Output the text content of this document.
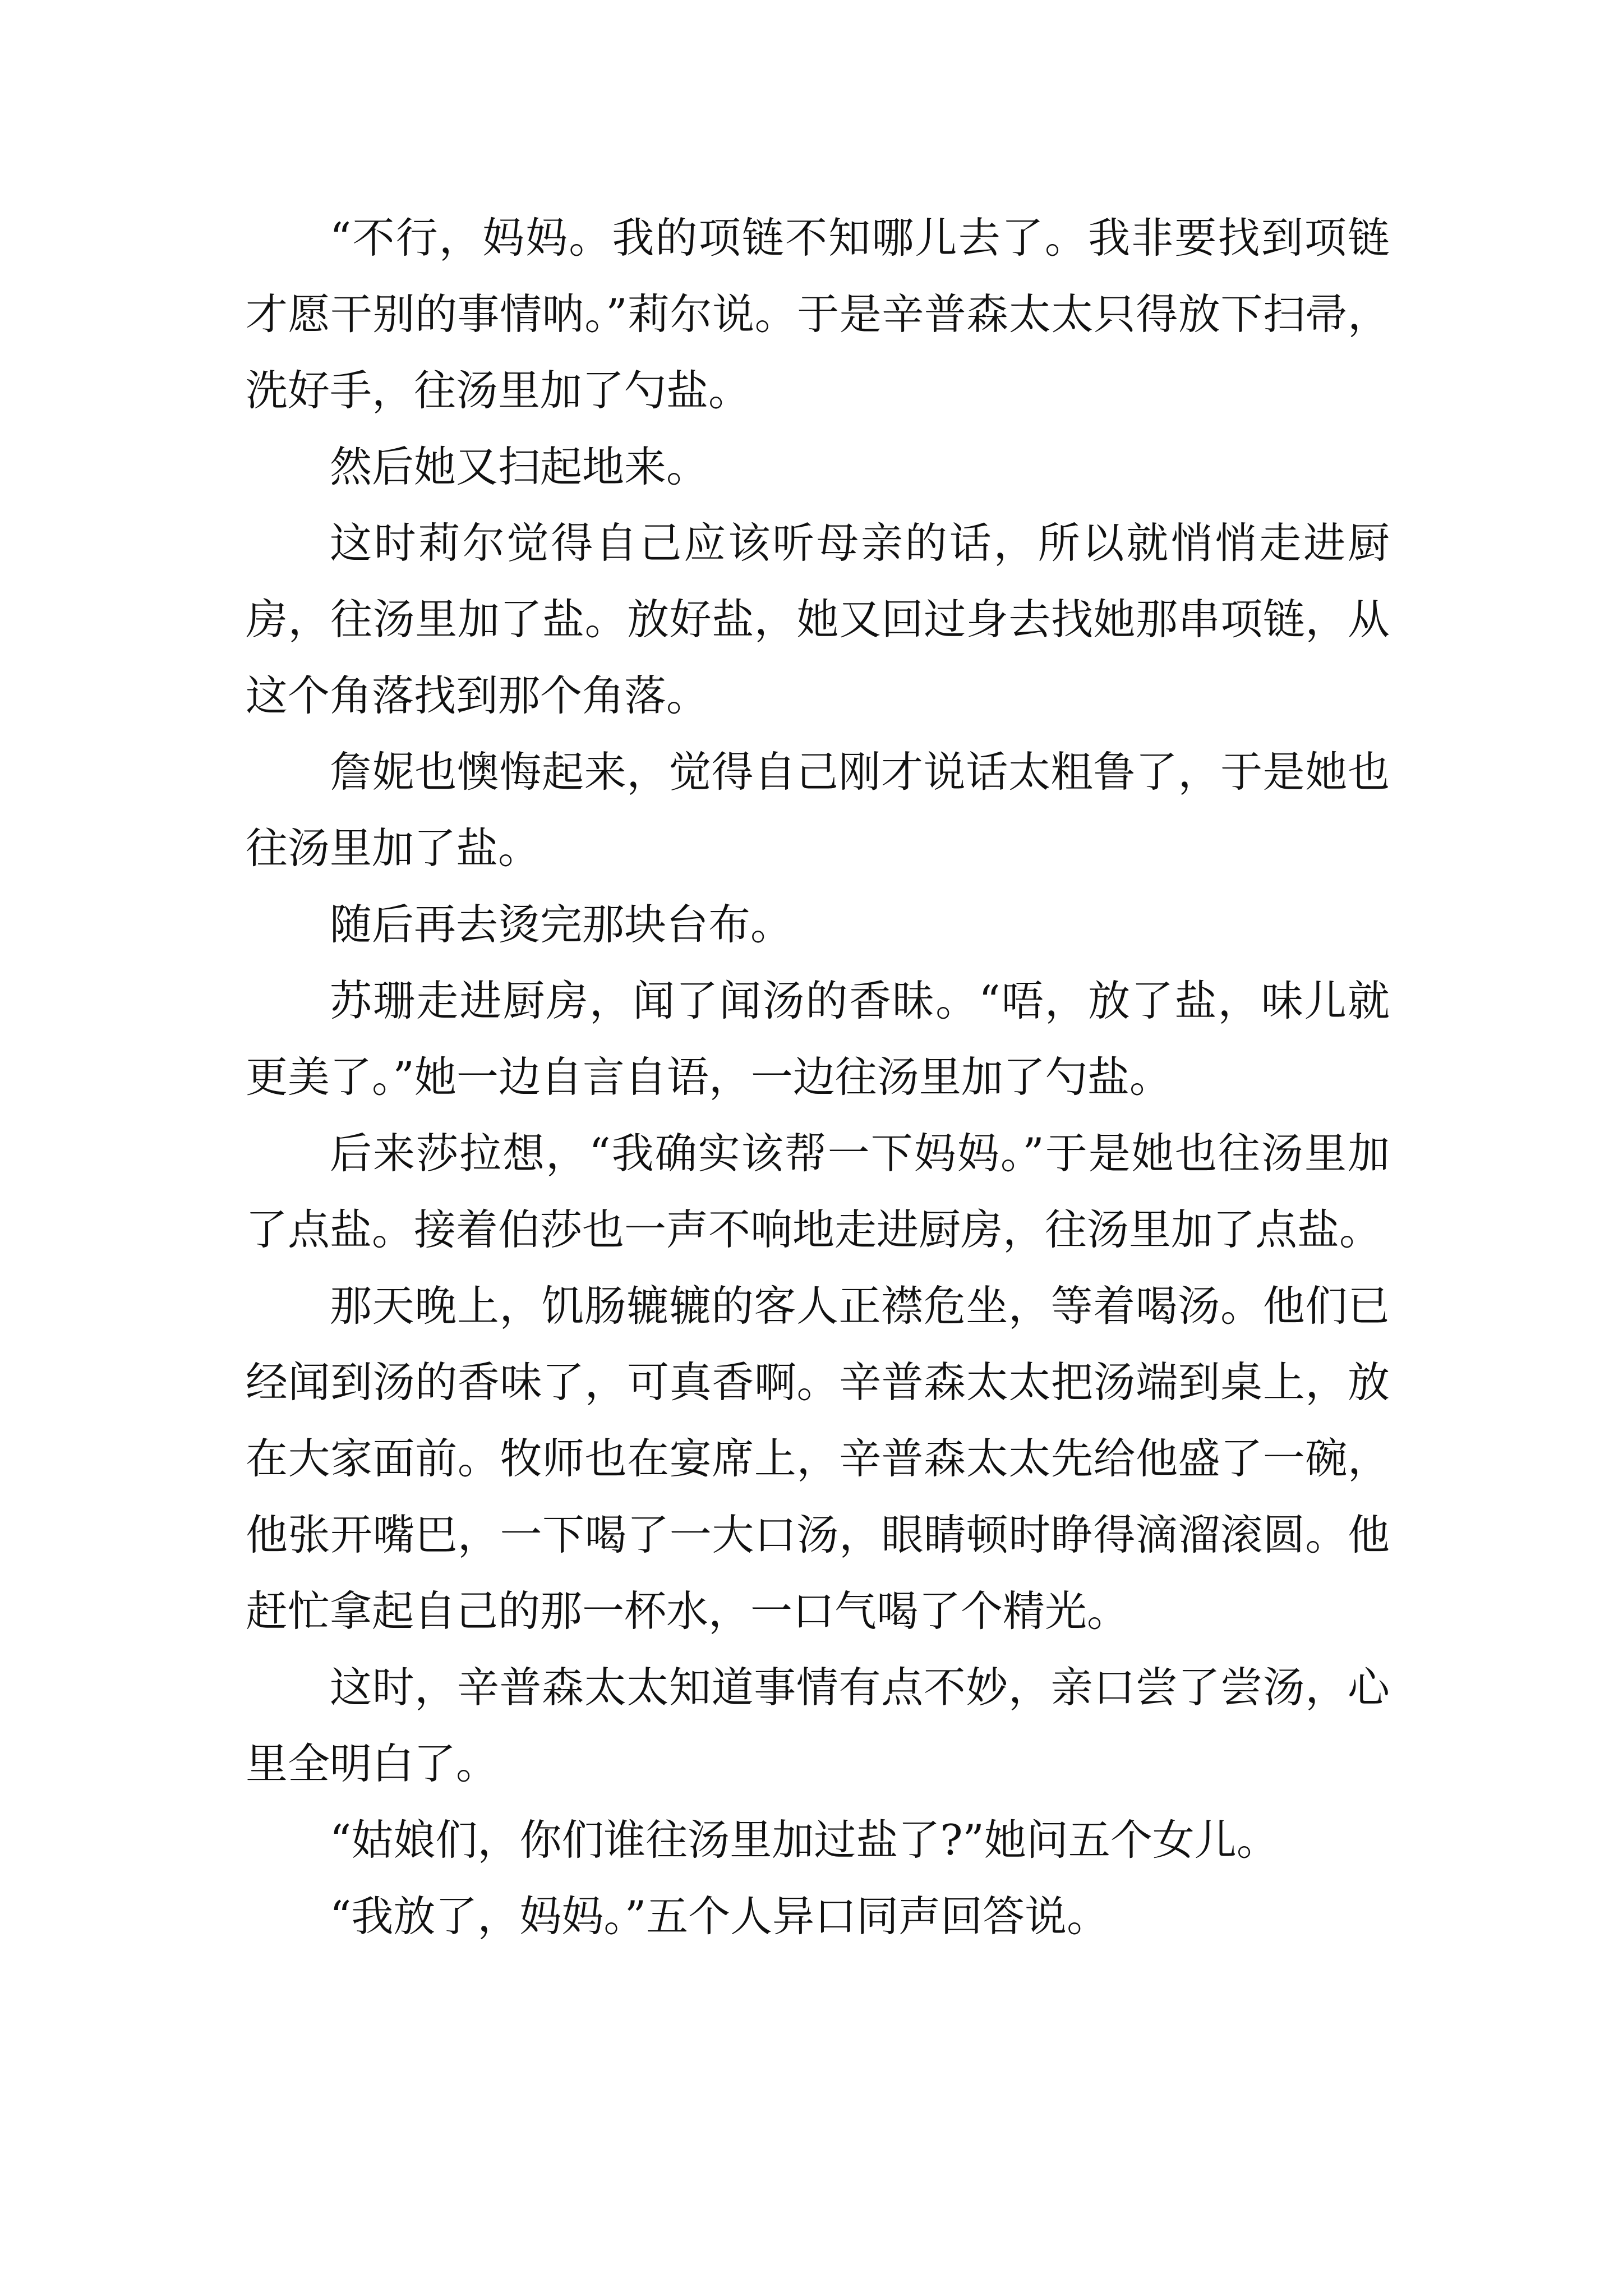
“不行，妈妈。我的项链不知哪儿去了。我非要找到项链才愿干别的事情呐。”莉尔说。于是辛普森太太只得放下扫帚，洗好手，往汤里加了勺盐。

然后她又扫起地来。

这时莉尔觉得自己应该听母亲的话，所以就悄悄走进厨房，往汤里加了盐。放好盐，她又回过身去找她那串项链，从这个角落找到那个角落。

詹妮也懊悔起来，觉得自己刚才说话太粗鲁了，于是她也往汤里加了盐。

随后再去烫完那块台布。

苏珊走进厨房，闻了闻汤的香昧。“唔，放了盐，味儿就更美了。”她一边自言自语，一边往汤里加了勺盐。

后来莎拉想，“我确实该帮一下妈妈。”于是她也往汤里加了点盐。接着伯莎也一声不响地走进厨房，往汤里加了点盐。

那天晚上，饥肠辘辘的客人正襟危坐，等着喝汤。他们已经闻到汤的香味了，可真香啊。辛普森太太把汤端到桌上，放在大家面前。牧师也在宴席上，辛普森太太先给他盛了一碗，他张开嘴巴，一下喝了一大口汤，眼睛顿时睁得滴溜滚圆。他赶忙拿起自己的那一杯水，一口气喝了个精光。

这时，辛普森太太知道事情有点不妙，亲口尝了尝汤，心里全明白了。

“姑娘们，你们谁往汤里加过盐了?”她问五个女儿。

“我放了，妈妈。”五个人异口同声回答说。
